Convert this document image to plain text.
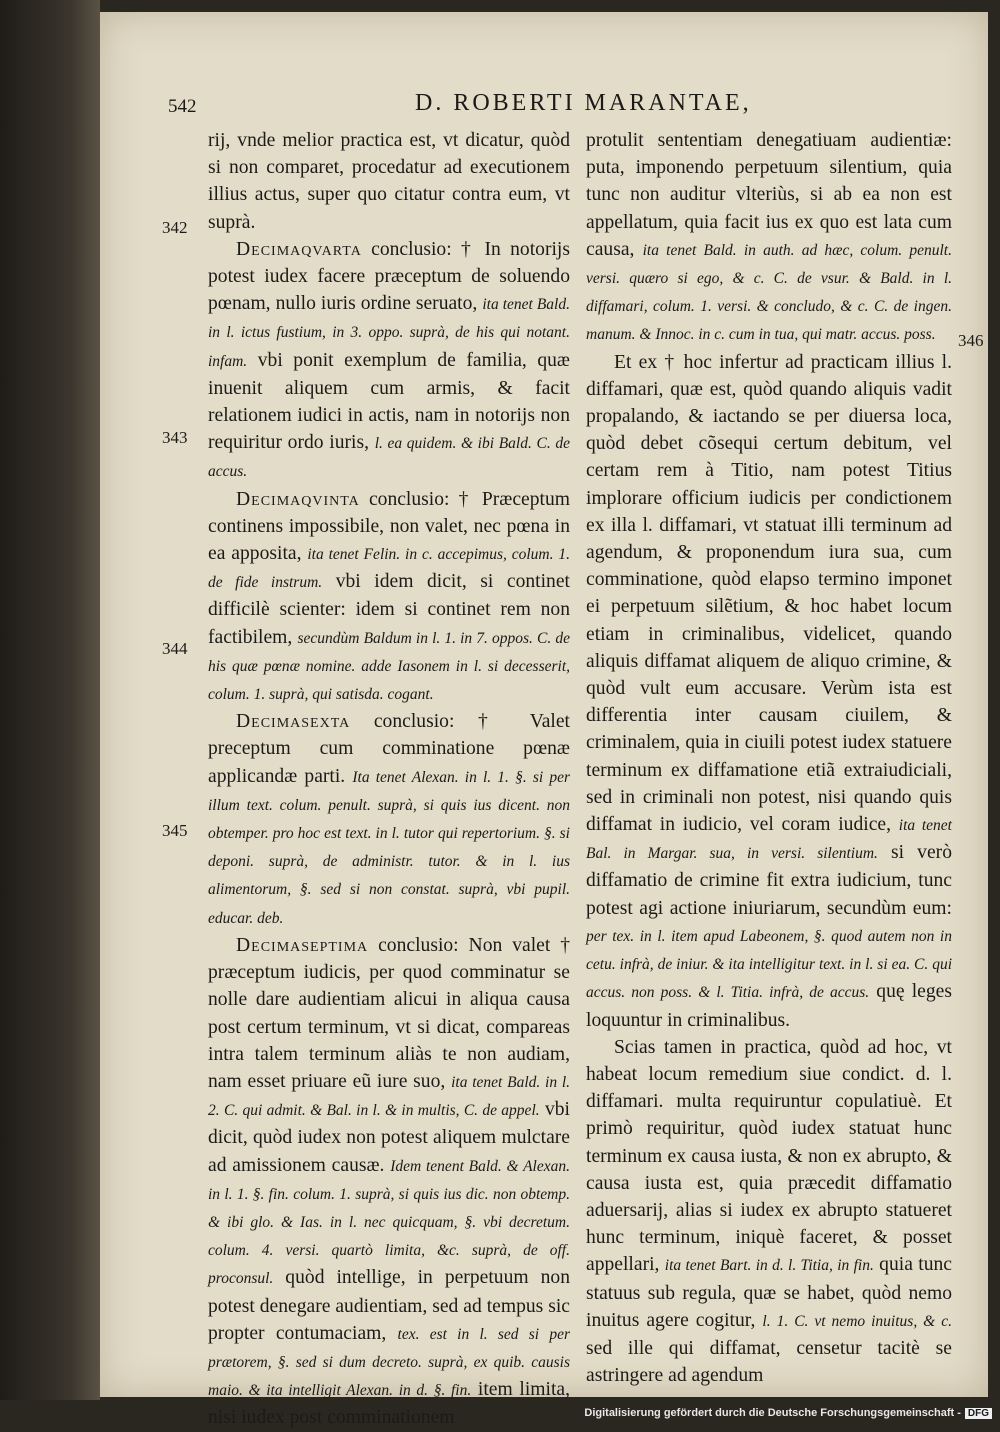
542	D. ROBERTI MARANTAE,
342
343
344
345
346

rij, vnde melior practica est, vt dicatur, quòd si non comparet, procedatur ad executionem illius actus, super quo citatur contra eum, vt suprà.

Decimaqvarta conclusio: † In notorijs potest iudex facere præceptum de soluendo pœnam, nullo iuris ordine seruato, ita tenet Bald. in l. ictus fustium, in 3. oppo. suprà, de his qui notant. infam. vbi ponit exemplum de familia, quæ inuenit aliquem cum armis, & facit relationem iudici in actis, nam in notorijs non requiritur ordo iuris, l. ea quidem. & ibi Bald. C. de accus.

Decimaqvinta conclusio: † Præceptum continens impossibile, non valet, nec pœna in ea apposita, ita tenet Felin. in c. accepimus, colum. 1. de fide instrum. vbi idem dicit, si continet difficilè scienter: idem si continet rem non factibilem, secundùm Baldum in l. 1. in 7. oppos. C. de his quæ pœnæ nomine. adde Iasonem in l. si decesserit, colum. 1. suprà, qui satisda. cogant.

Decimasexta conclusio: † Valet preceptum cum comminatione pœnæ applicandæ parti. Ita tenet Alexan. in l. 1. §. si per illum text. colum. penult. suprà, si quis ius dicent. non obtemper. pro hoc est text. in l. tutor qui repertorium. §. si deponi. suprà, de administr. tutor. & in l. ius alimentorum, §. sed si non constat. suprà, vbi pupil. educar. deb.

Decimaseptima conclusio: Non valet † præceptum iudicis, per quod comminatur se nolle dare audientiam alicui in aliqua causa post certum terminum, vt si dicat, compareas intra talem terminum aliàs te non audiam, nam esset priuare eũ iure suo, ita tenet Bald. in l. 2. C. qui admit. & Bal. in l. & in multis, C. de appel. vbi dicit, quòd iudex non potest aliquem mulctare ad amissionem causæ. Idem tenent Bald. & Alexan. in l. 1. §. fin. colum. 1. suprà, si quis ius dic. non obtemp. & ibi glo. & Ias. in l. nec quicquam, §. vbi decretum. colum. 4. versi. quartò limita, &c. suprà, de off. proconsul. quòd intellige, in perpetuum non potest denegare audientiam, sed ad tempus sic propter contumaciam, tex. est in l. sed si per prætorem, §. sed si dum decreto. suprà, ex quib. causis maio. & ita intelligit Alexan. in d. §. fin. item limita, nisi iudex post comminationem

protulit sententiam denegatiuam audientiæ: puta, imponendo perpetuum silentium, quia tunc non auditur vlteriùs, si ab ea non est appellatum, quia facit ius ex quo est lata cum causa, ita tenet Bald. in auth. ad hæc, colum. penult. versi. quæro si ego, & c. C. de vsur. & Bald. in l. diffamari, colum. 1. versi. & concludo, & c. C. de ingen. manum. & Innoc. in c. cum in tua, qui matr. accus. poss.

Et ex † hoc infertur ad practicam illius l. diffamari, quæ est, quòd quando aliquis vadit propalando, & iactando se per diuersa loca, quòd debet cõsequi certum debitum, vel certam rem à Titio, nam potest Titius implorare officium iudicis per condictionem ex illa l. diffamari, vt statuat illi terminum ad agendum, & proponendum iura sua, cum comminatione, quòd elapso termino imponet ei perpetuum silẽtium, & hoc habet locum etiam in criminalibus, videlicet, quando aliquis diffamat aliquem de aliquo crimine, & quòd vult eum accusare. Verùm ista est differentia inter causam ciuilem, & criminalem, quia in ciuili potest iudex statuere terminum ex diffamatione etiã extraiudiciali, sed in criminali non potest, nisi quando quis diffamat in iudicio, vel coram iudice, ita tenet Bal. in Margar. sua, in versi. silentium. si verò diffamatio de crimine fit extra iudicium, tunc potest agi actione iniuriarum, secundùm eum: per tex. in l. item apud Labeonem, §. quod autem non in cetu. infrà, de iniur. & ita intelligitur text. in l. si ea. C. qui accus. non poss. & l. Titia. infrà, de accus. quę leges loquuntur in criminalibus.

Scias tamen in practica, quòd ad hoc, vt habeat locum remedium siue condict. d. l. diffamari. multa requiruntur copulatiuè. Et primò requiritur, quòd iudex statuat hunc terminum ex causa iusta, & non ex abrupto, & causa iusta est, quia præcedit diffamatio aduersarij, alias si iudex ex abrupto statueret hunc terminum, iniquè faceret, & posset appellari, ita tenet Bart. in d. l. Titia, in fin. quia tunc statuus sub regula, quæ se habet, quòd nemo inuitus agere cogitur, l. 1. C. vt nemo inuitus, & c. sed ille qui diffamat, censetur tacitè se astringere ad agendum

Digitalisierung gefördert durch die Deutsche Forschungsgemeinschaft - DFG
